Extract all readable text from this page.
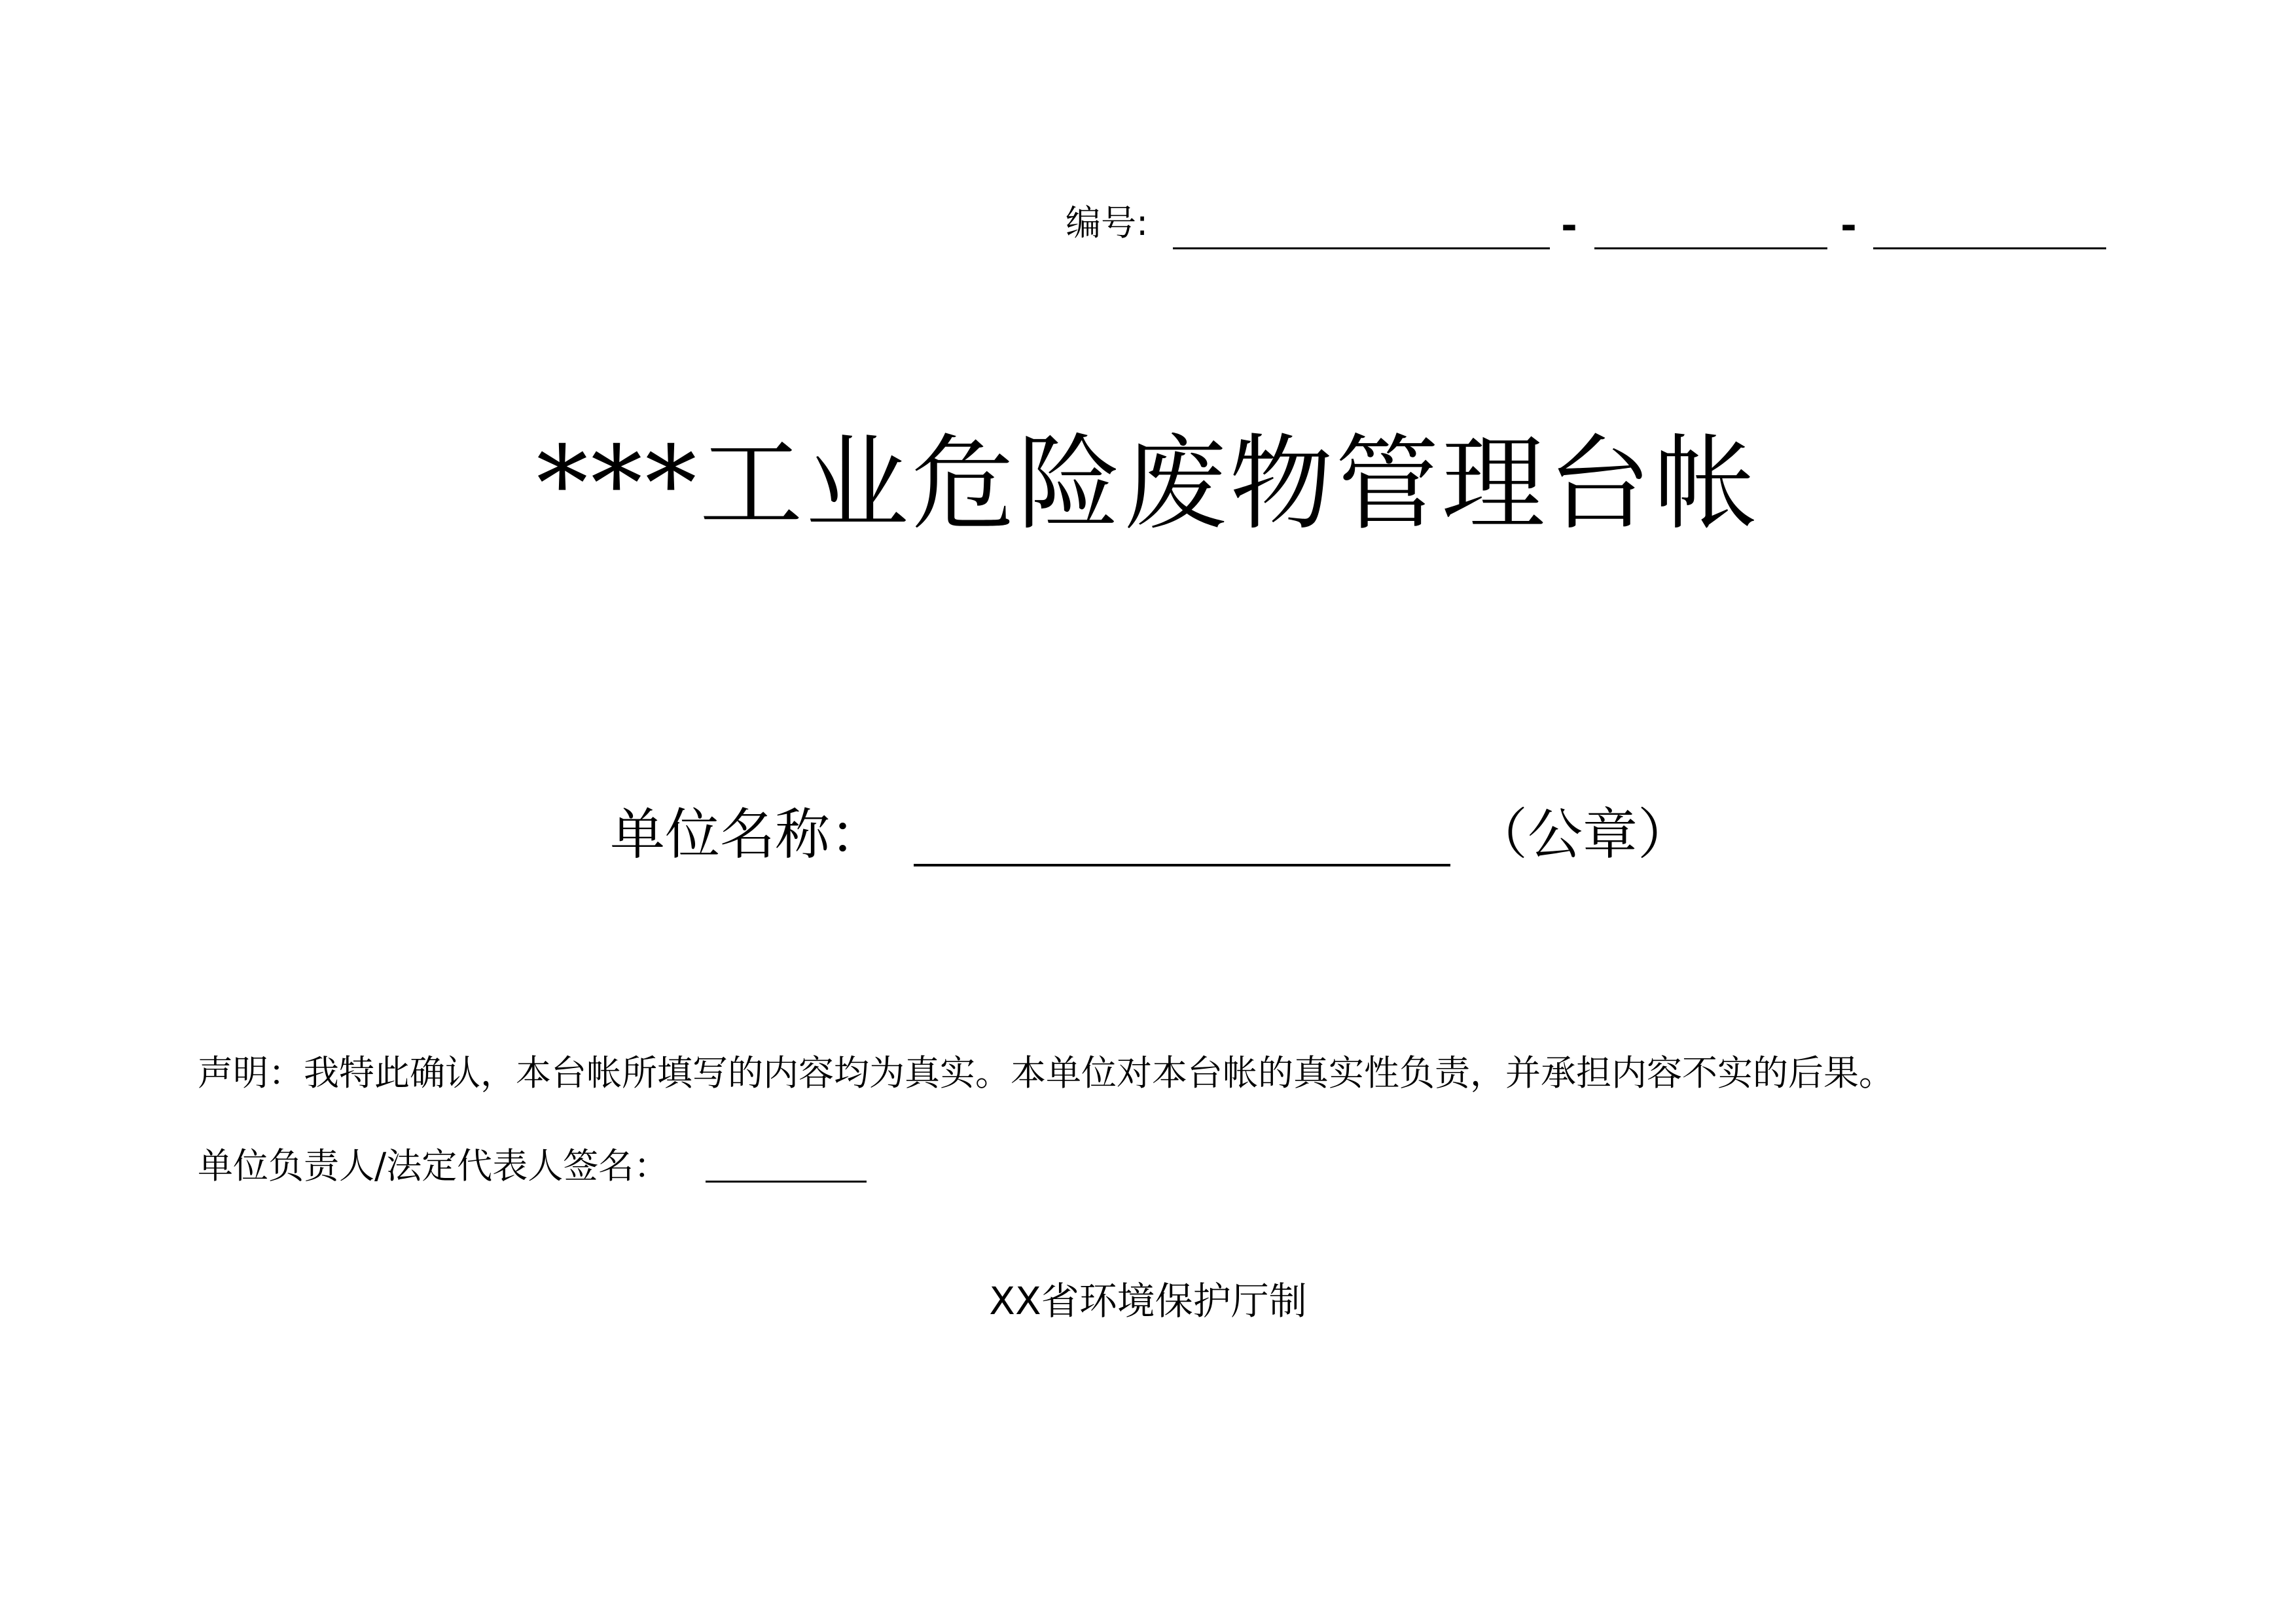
编号:	-	-
***工业危险废物管理台帐
单位名称：	（公章）
声明：我特此确认，本台帐所填写的内容均为真实。本单位对本台帐的真实性负责，并承担内容不实的后果。
单位负责人/法定代表人签名：
XX省环境保护厅制
